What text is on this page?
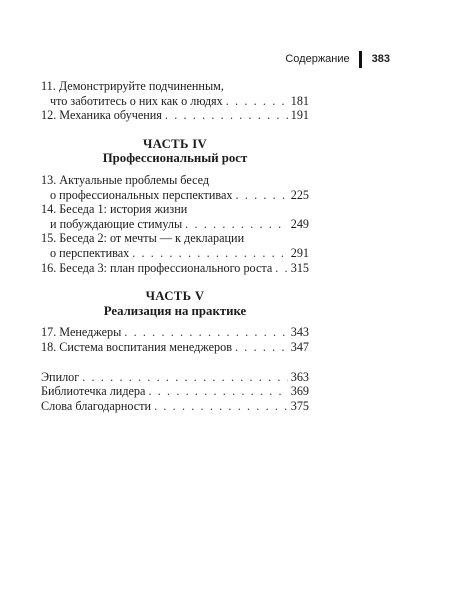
Содержание 383
11. Демонстрируйте подчиненным,
что заботитесь о них как о людях . . .	181
12. Механика обучения . . .	191
ЧАСТЬ IV
Профессиональный рост
13. Актуальные проблемы бесед
о профессиональных перспективах . . .	225
14. Беседа 1: история жизни
и побуждающие стимулы . . .	249
15. Беседа 2: от мечты — к декларации
о перспективах . . .	291
16. Беседа 3: план профессионального роста . . . 315
ЧАСТЬ V
Реализация на практике
17. Менеджеры . . .	343
18. Система воспитания менеджеров . . .	347
Эпилог . . .	363
Библиотечка лидера . . .	369
Слова благодарности . . .	375
